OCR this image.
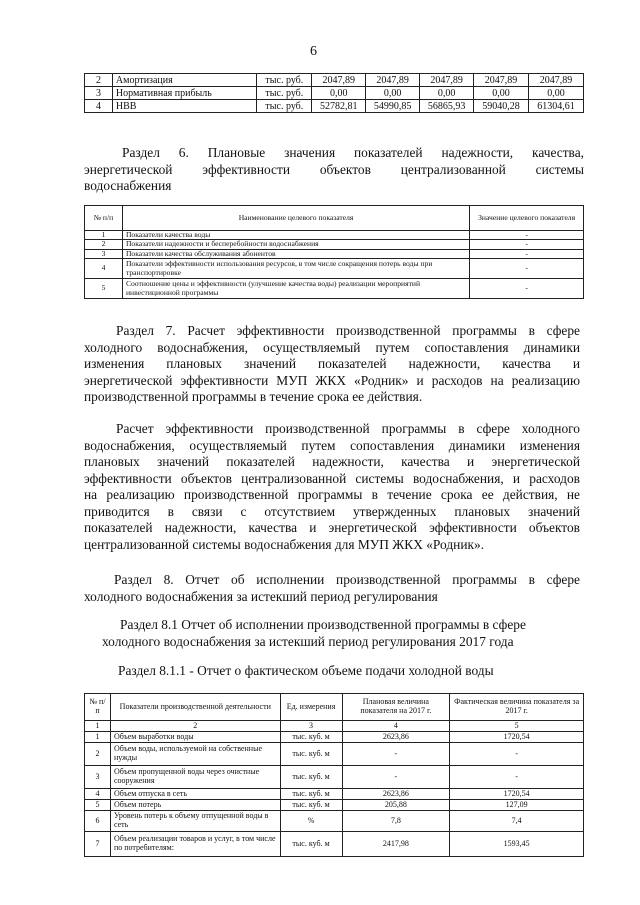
6
2	Амортизация	тыс. руб.	2047,89	2047,89	2047,89	2047,89	2047,89
3	Нормативная прибыль	тыс. руб.	0,00	0,00	0,00	0,00	0,00
4	НВВ	тыс. руб.	52782,81	54990,85	56865,93	59040,28	61304,61
Раздел 6. Плановые значения показателей надежности, качества,
энергетической эффективности объектов централизованной системы
водоснабжения
№ п/п	Наименование целевого показателя	Значение целевого показателя
1	Показатели качества воды	-
2	Показатели надежности и бесперебойности водоснабжения	-
3	Показатели качества обслуживания абонентов	-
4	Показатели эффективности использования ресурсов, в том числе сокращения потерь воды при транспортировке	-
5	Соотношение цены и эффективности (улучшение качества воды) реализации мероприятий инвестиционной программы	-
Раздел 7. Расчет эффективности производственной программы в сфере
холодного водоснабжения, осуществляемый путем сопоставления динамики
изменения плановых значений показателей надежности, качества и
энергетической эффективности МУП ЖКХ «Родник» и расходов на реализацию
производственной программы в течение срока ее действия.
Расчет эффективности производственной программы в сфере холодного
водоснабжения, осуществляемый путем сопоставления динамики изменения
плановых значений показателей надежности, качества и энергетической
эффективности объектов централизованной системы водоснабжения, и расходов
на реализацию производственной программы в течение срока ее действия, не
приводится в связи с отсутствием утвержденных плановых значений
показателей надежности, качества и энергетической эффективности объектов
централизованной системы водоснабжения для МУП ЖКХ «Родник».
Раздел 8. Отчет об исполнении производственной программы в сфере
холодного водоснабжения за истекший период регулирования
Раздел 8.1 Отчет об исполнении производственной программы в сфере
холодного водоснабжения за истекший период регулирования 2017 года
Раздел 8.1.1 - Отчет о фактическом объеме подачи холодной воды
№ п/п	Показатели производственной деятельности	Ед. измерения	Плановая величина показателя на 2017 г.	Фактическая величина показателя за 2017 г.
1	2	3	4	5
1	Объем выработки воды	тыс. куб. м	2623,86	1720,54
2	Объем воды, используемой на собственные нужды	тыс. куб. м	-	-
3	Объем пропущенной воды через очистные сооружения	тыс. куб. м	-	-
4	Объем отпуска в сеть	тыс. куб. м	2623,86	1720,54
5	Объем потерь	тыс. куб. м	205,88	127,09
6	Уровень потерь к объему отпущенной воды в сеть	%	7,8	7,4
7	Объем реализации товаров и услуг, в том числе по потребителям:	тыс. куб. м	2417,98	1593,45
